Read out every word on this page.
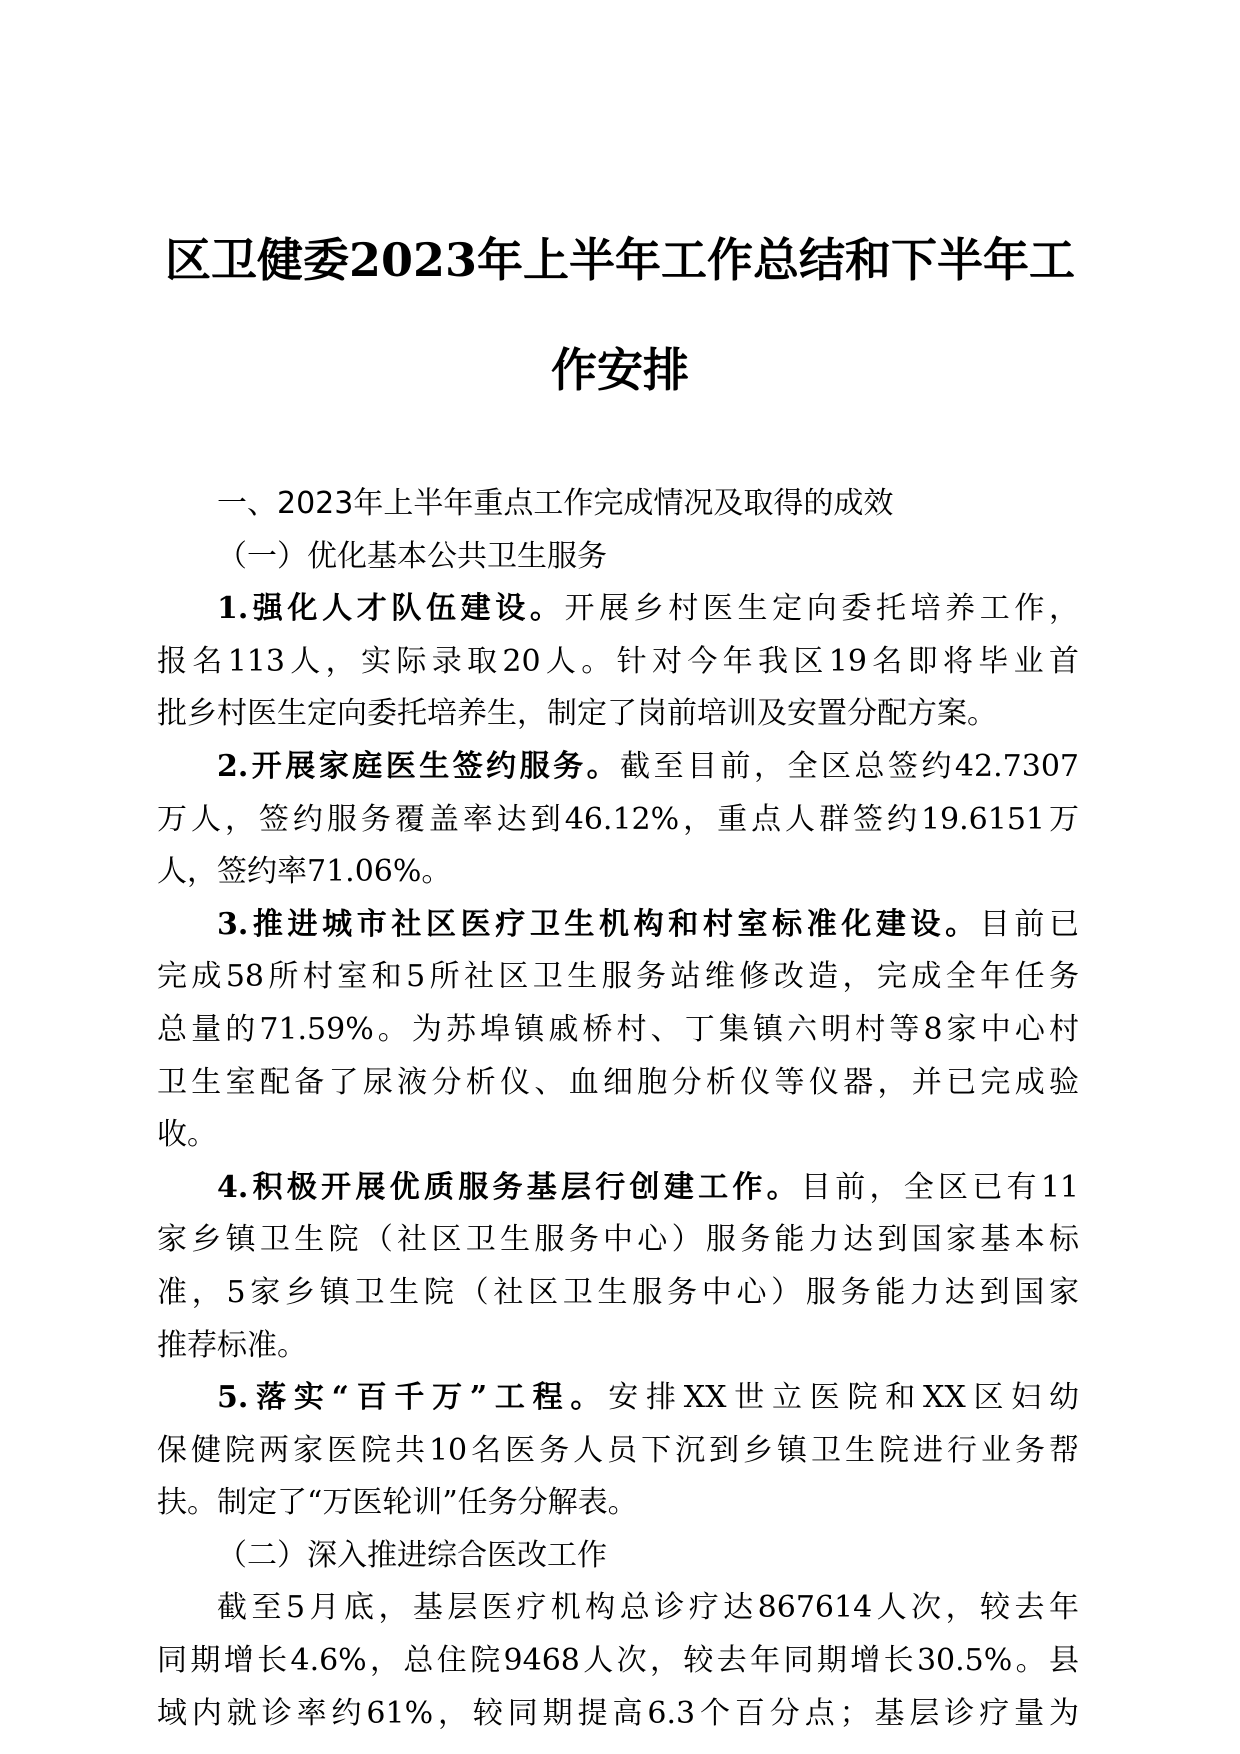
区卫健委2023年上半年工作总结和下半年工
作安排
一、2023年上半年重点工作完成情况及取得的成效
（一）优化基本公共卫生服务
1.强化人才队伍建设。开展乡村医生定向委托培养工作，
报名113人，实际录取20人。针对今年我区19名即将毕业首
批乡村医生定向委托培养生，制定了岗前培训及安置分配方案。
2.开展家庭医生签约服务。截至目前，全区总签约42.7307
万人，签约服务覆盖率达到46.12%，重点人群签约19.6151万
人，签约率71.06%。
3.推进城市社区医疗卫生机构和村室标准化建设。目前已
完成58所村室和5所社区卫生服务站维修改造，完成全年任务
总量的71.59%。为苏埠镇戚桥村、丁集镇六明村等8家中心村
卫生室配备了尿液分析仪、血细胞分析仪等仪器，并已完成验
收。
4.积极开展优质服务基层行创建工作。目前，全区已有11
家乡镇卫生院（社区卫生服务中心）服务能力达到国家基本标
准，5家乡镇卫生院（社区卫生服务中心）服务能力达到国家
推荐标准。
5.落实“百千万”工程。安排XX世立医院和XX区妇幼
保健院两家医院共10名医务人员下沉到乡镇卫生院进行业务帮
扶。制定了“万医轮训”任务分解表。
（二）深入推进综合医改工作
截至5月底，基层医疗机构总诊疗达867614人次，较去年
同期增长4.6%，总住院9468人次，较去年同期增长30.5%。县
域内就诊率约61%，较同期提高6.3个百分点；基层诊疗量为
